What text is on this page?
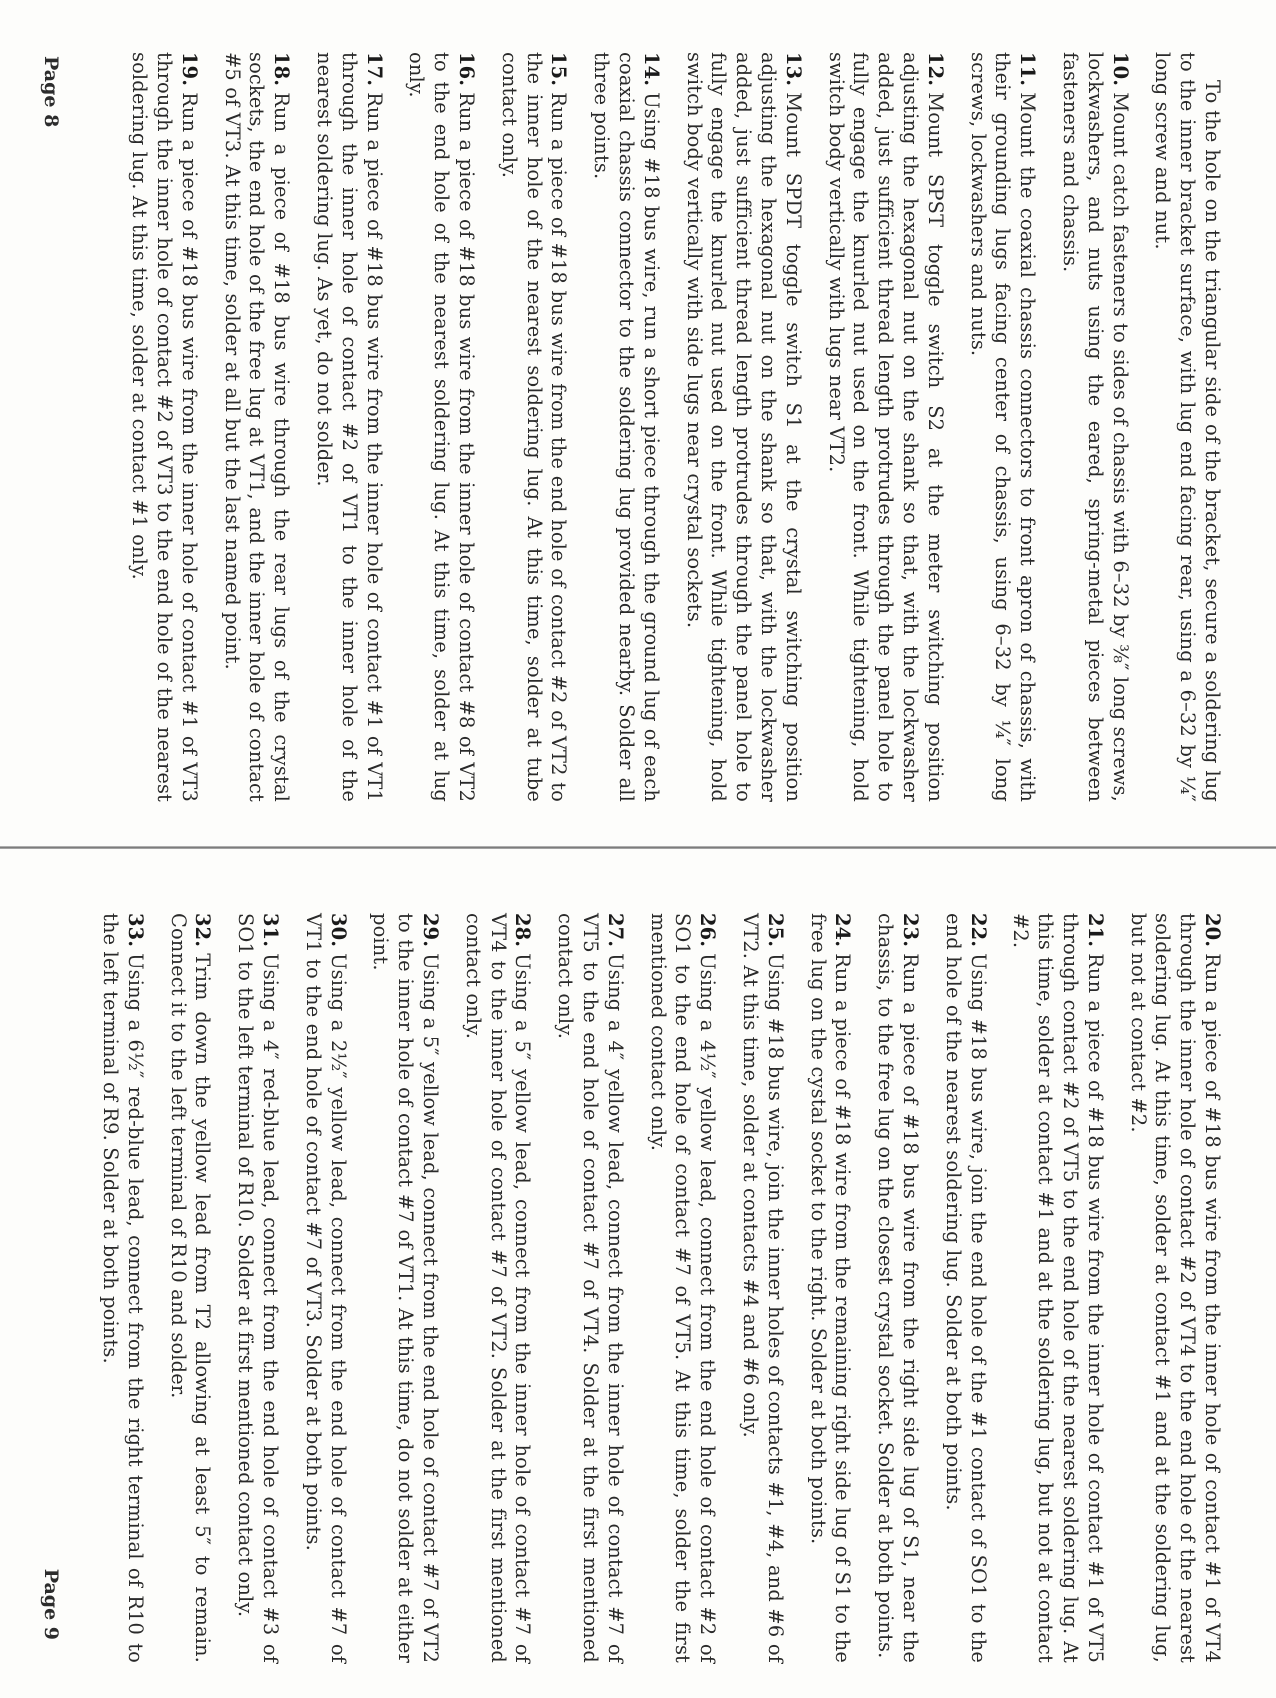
To the hole on the triangular side of the bracket, secure a soldering lug to the inner bracket surface, with lug end facing rear, using a 6–32 by ¼″ long screw and nut.

10.Mount catch fasteners to sides of chassis with 6–32 by ⅜″ long screws, lockwashers, and nuts using the eared, spring-metal pieces between fasteners and chassis.

11.Mount the coaxial chassis connectors to front apron of chassis, with their grounding lugs facing center of chassis, using 6–32 by ¼″ long screws, lockwashers and nuts.

12.Mount SPST toggle switch S2 at the meter switching position adjusting the hexagonal nut on the shank so that, with the lockwasher added, just sufficient thread length protrudes through the panel hole to fully engage the knurled nut used on the front. While tightening, hold switch body vertically with lugs near VT2.

13.Mount SPDT toggle switch S1 at the crystal switching position adjusting the hexagonal nut on the shank so that, with the lockwasher added, just sufficient thread length protrudes through the panel hole to fully engage the knurled nut used on the front. While tightening, hold switch body vertically with side lugs near crystal sockets.

14.Using #18 bus wire, run a short piece through the ground lug of each coaxial chassis connector to the soldering lug provided nearby. Solder all three points.

15.Run a piece of #18 bus wire from the end hole of contact #2 of VT2 to the inner hole of the nearest soldering lug. At this time, solder at tube contact only.

16.Run a piece of #18 bus wire from the inner hole of contact #8 of VT2 to the end hole of the nearest soldering lug. At this time, solder at lug only.

17.Run a piece of #18 bus wire from the inner hole of contact #1 of VT1 through the inner hole of contact #2 of VT1 to the inner hole of the nearest soldering lug. As yet, do not solder.

18.Run a piece of #18 bus wire through the rear lugs of the crystal sockets, the end hole of the free lug at VT1, and the inner hole of contact #5 of VT3. At this time, solder at all but the last named point.

19.Run a piece of #18 bus wire from the inner hole of contact #1 of VT3 through the inner hole of contact #2 of VT3 to the end hole of the nearest soldering lug. At this time, solder at contact #1 only.

Page 8

20.Run a piece of #18 bus wire from the inner hole of contact #1 of VT4 through the inner hole of contact #2 of VT4 to the end hole of the nearest soldering lug. At this time, solder at contact #1 and at the soldering lug, but not at contact #2.

21.Run a piece of #18 bus wire from the inner hole of contact #1 of VT5 through contact #2 of VT5 to the end hole of the nearest soldering lug. At this time, solder at contact #1 and at the soldering lug, but not at contact #2.

22.Using #18 bus wire, join the end hole of the #1 contact of SO1 to the end hole of the nearest soldering lug. Solder at both points.

23.Run a piece of #18 bus wire from the right side lug of S1, near the chassis, to the free lug on the closest crystal socket. Solder at both points.

24.Run a piece of #18 wire from the remaining right side lug of S1 to the free lug on the cystal socket to the right. Solder at both points.

25.Using #18 bus wire, join the inner holes of contacts #1, #4, and #6 of VT2. At this time, solder at contacts #4 and #6 only.

26.Using a 4½″ yellow lead, connect from the end hole of contact #2 of SO1 to the end hole of contact #7 of VT5. At this time, solder the first mentioned contact only.

27.Using a 4″ yellow lead, connect from the inner hole of contact #7 of VT5 to the end hole of contact #7 of VT4. Solder at the first mentioned contact only.

28.Using a 5″ yellow lead, connect from the inner hole of contact #7 of VT4 to the inner hole of contact #7 of VT2. Solder at the first mentioned contact only.

29.Using a 5″ yellow lead, connect from the end hole of contact #7 of VT2 to the inner hole of contact #7 of VT1. At this time, do not solder at either point.

30.Using a 2½″ yellow lead, connect from the end hole of contact #7 of VT1 to the end hole of contact #7 of VT3. Solder at both points.

31.Using a 4″ red-blue lead, connect from the end hole of contact #3 of SO1 to the left terminal of R10. Solder at first mentioned contact only.

32.Trim down the yellow lead from T2 allowing at least 5″ to remain. Connect it to the left terminal of R10 and solder.

33.Using a 6½″ red-blue lead, connect from the right terminal of R10 to the left terminal of R9. Solder at both points.

Page 9
